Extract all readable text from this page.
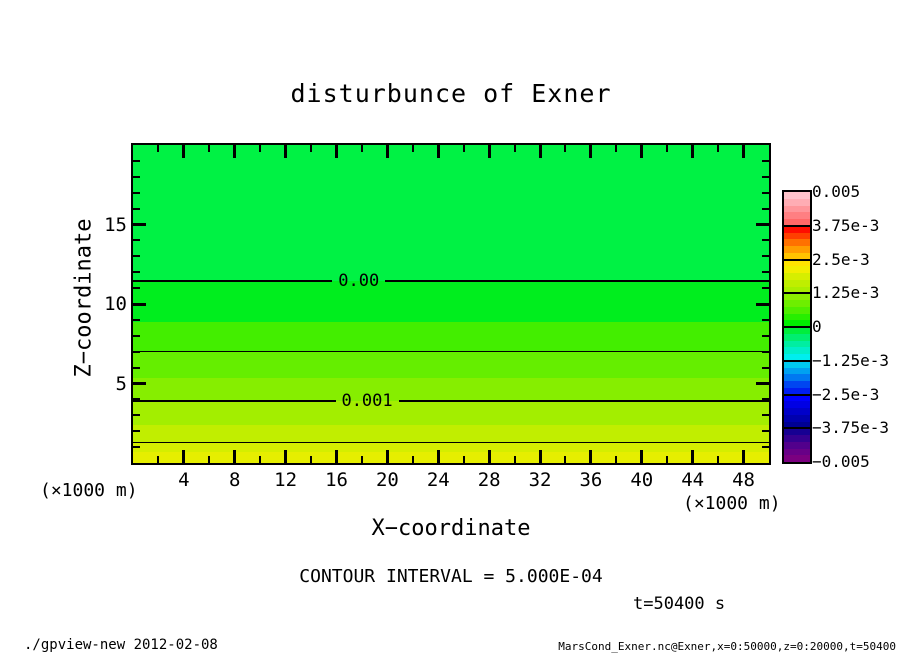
disturbunce of Exner
0.00
0.001
Z−coordinate
X−coordinate
(×1000 m)
(×1000 m)
CONTOUR INTERVAL = 5.000E-04
t=50400 s
./gpview-new 2012-02-08	MarsCond_Exner.nc@Exner,x=0:50000,z=0:20000,t=50400
4	8	12	16	20	24	28	32	36	40	44	48
5
10
15
0.005
3.75e-3
2.5e-3
1.25e-3
0
−1.25e-3
−2.5e-3
−3.75e-3
−0.005
